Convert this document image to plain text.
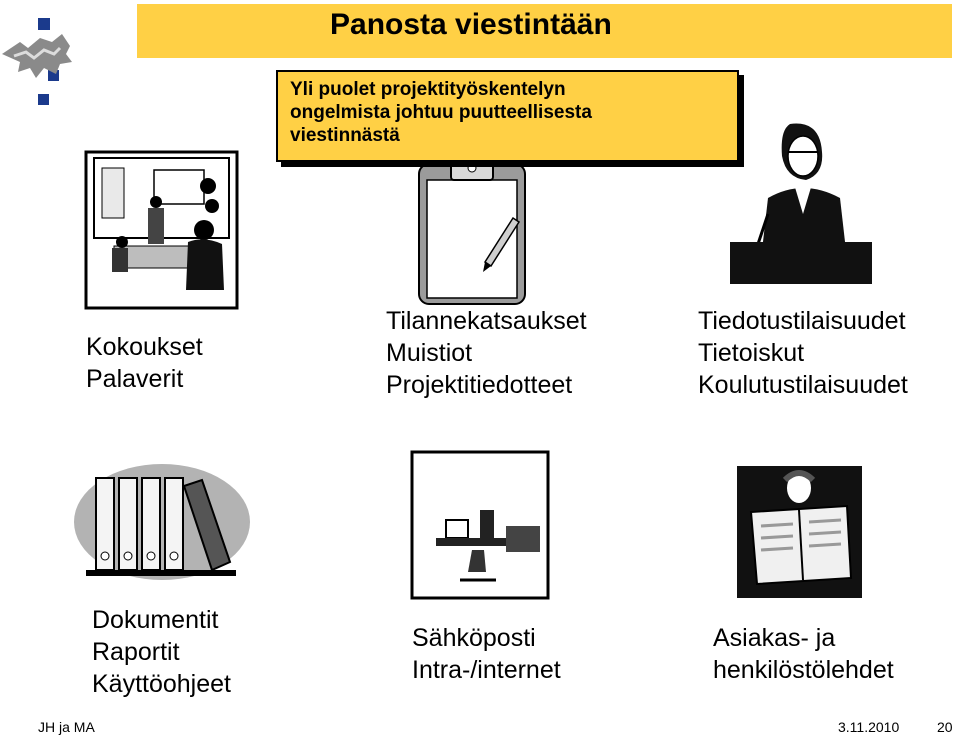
Panosta viestintään
Yli puolet projektityöskentelyn
ongelmista johtuu puutteellisesta
viestinnästä
Kokoukset
Palaverit
Tilannekatsaukset
Muistiot
Projektitiedotteet
Tiedotustilaisuudet
Tietoiskut
Koulutustilaisuudet
Dokumentit
Raportit
Käyttöohjeet
Sähköposti
Intra-/internet
Asiakas- ja
henkilöstölehdet
JH ja MA	3.11.2010	20
